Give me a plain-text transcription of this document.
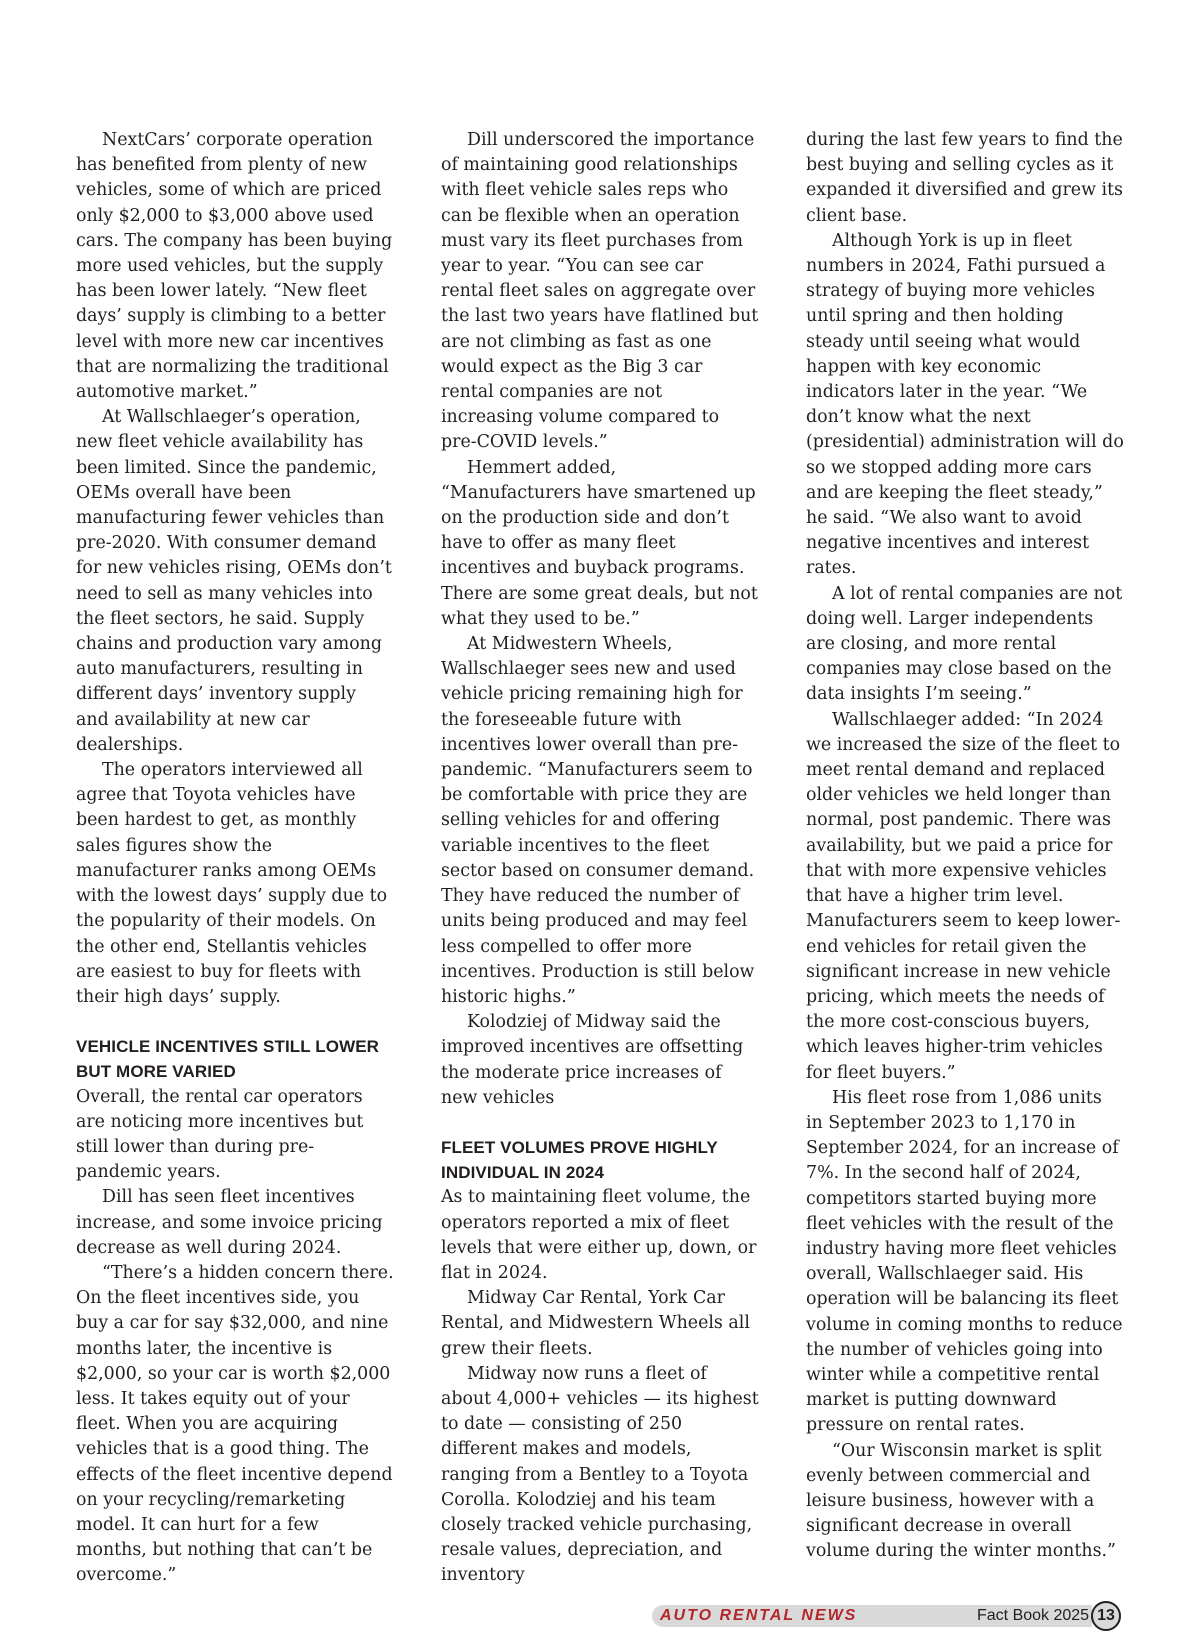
NextCars’ corporate operation has benefited from plenty of new vehicles, some of which are priced only $2,000 to $3,000 above used cars. The company has been buying more used vehicles, but the supply has been lower lately. “New fleet days’ supply is climbing to a better level with more new car incentives that are normalizing the traditional automotive market.”

At Wallschlaeger’s operation, new fleet vehicle availability has been limited. Since the pandemic, OEMs overall have been manufacturing fewer vehicles than pre-2020. With consumer demand for new vehicles rising, OEMs don’t need to sell as many vehicles into the fleet sectors, he said. Supply chains and production vary among auto manufacturers, resulting in different days’ inventory supply and availability at new car dealerships.

The operators interviewed all agree that Toyota vehicles have been hardest to get, as monthly sales figures show the manufacturer ranks among OEMs with the lowest days’ supply due to the popularity of their models. On the other end, Stellantis vehicles are easiest to buy for fleets with their high days’ supply.

VEHICLE INCENTIVES STILL LOWER BUT MORE VARIED

Overall, the rental car operators are noticing more incentives but still lower than during pre-pandemic years.

Dill has seen fleet incentives increase, and some invoice pricing decrease as well during 2024.

“There’s a hidden concern there. On the fleet incentives side, you buy a car for say $32,000, and nine months later, the incentive is $2,000, so your car is worth $2,000 less. It takes equity out of your fleet. When you are acquiring vehicles that is a good thing. The effects of the fleet incentive depend on your recycling/remarketing model. It can hurt for a few months, but nothing that can’t be overcome.”

Dill underscored the importance of maintaining good relationships with fleet vehicle sales reps who can be flexible when an operation must vary its fleet purchases from year to year. “You can see car rental fleet sales on aggregate over the last two years have flatlined but are not climbing as fast as one would expect as the Big 3 car rental companies are not increasing volume compared to pre-COVID levels.”

Hemmert added, “Manufacturers have smartened up on the production side and don’t have to offer as many fleet incentives and buyback programs. There are some great deals, but not what they used to be.”

At Midwestern Wheels, Wallschlaeger sees new and used vehicle pricing remaining high for the foreseeable future with incentives lower overall than pre-pandemic. “Manufacturers seem to be comfortable with price they are selling vehicles for and offering variable incentives to the fleet sector based on consumer demand. They have reduced the number of units being produced and may feel less compelled to offer more incentives. Production is still below historic highs.”

Kolodziej of Midway said the improved incentives are offsetting the moderate price increases of new vehicles

FLEET VOLUMES PROVE HIGHLY INDIVIDUAL IN 2024

As to maintaining fleet volume, the operators reported a mix of fleet levels that were either up, down, or flat in 2024.

Midway Car Rental, York Car Rental, and Midwestern Wheels all grew their fleets.

Midway now runs a fleet of about 4,000+ vehicles — its highest to date — consisting of 250 different makes and models, ranging from a Bentley to a Toyota Corolla. Kolodziej and his team closely tracked vehicle purchasing, resale values, depreciation, and inventory

during the last few years to find the best buying and selling cycles as it expanded it diversified and grew its client base.

Although York is up in fleet numbers in 2024, Fathi pursued a strategy of buying more vehicles until spring and then holding steady until seeing what would happen with key economic indicators later in the year. “We don’t know what the next (presidential) administration will do so we stopped adding more cars and are keeping the fleet steady,” he said. “We also want to avoid negative incentives and interest rates.

A lot of rental companies are not doing well. Larger independents are closing, and more rental companies may close based on the data insights I’m seeing.”

Wallschlaeger added: “In 2024 we increased the size of the fleet to meet rental demand and replaced older vehicles we held longer than normal, post pandemic. There was availability, but we paid a price for that with more expensive vehicles that have a higher trim level. Manufacturers seem to keep lower-end vehicles for retail given the significant increase in new vehicle pricing, which meets the needs of the more cost-conscious buyers, which leaves higher-trim vehicles for fleet buyers.”

His fleet rose from 1,086 units in September 2023 to 1,170 in September 2024, for an increase of 7%. In the second half of 2024, competitors started buying more fleet vehicles with the result of the industry having more fleet vehicles overall, Wallschlaeger said. His operation will be balancing its fleet volume in coming months to reduce the number of vehicles going into winter while a competitive rental market is putting downward pressure on rental rates.

“Our Wisconsin market is split evenly between commercial and leisure business, however with a significant decrease in overall volume during the winter months.”

AUTO RENTAL NEWS	Fact Book 2025 13
